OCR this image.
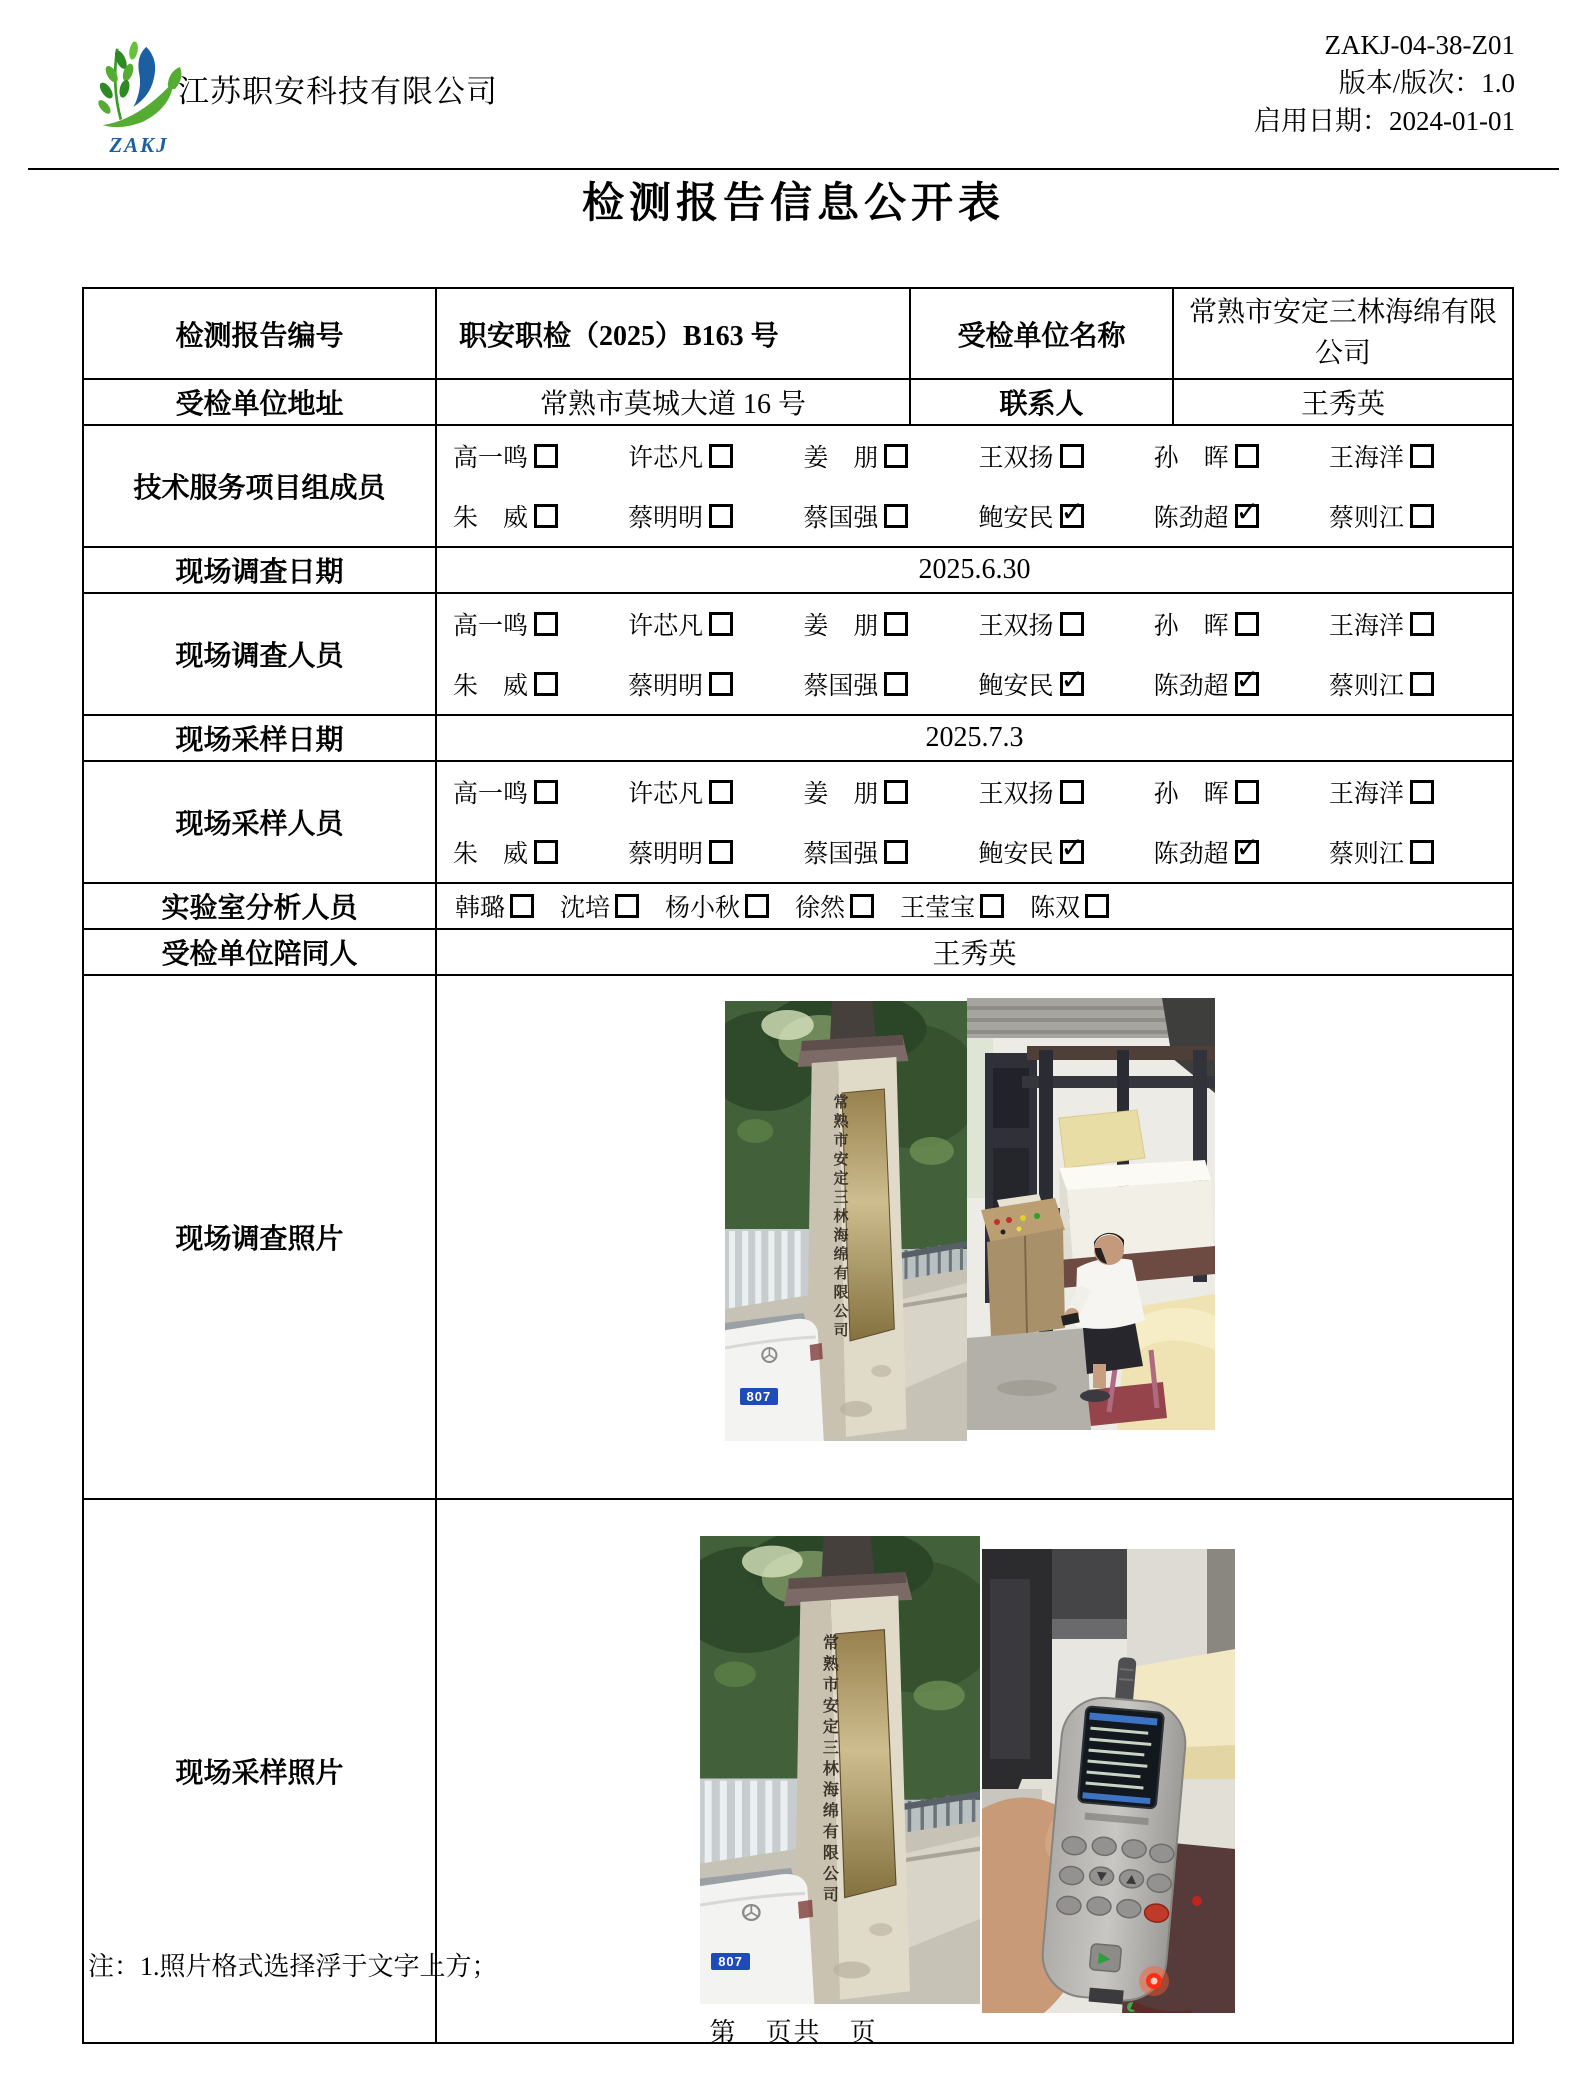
ZAKJ
江苏职安科技有限公司
ZAKJ-04-38-Z01
版本/版次：1.0
启用日期：2024-01-01
检测报告信息公开表
检测报告编号	职安职检（2025）B163 号	受检单位名称	常熟市安定三林海绵有限公司
受检单位地址	常熟市莫城大道 16 号	联系人	王秀英
技术服务项目组成员	
高一鸣	许芯凡	姜　朋	王双扬	孙　晖	王海洋
朱　威	蔡明明	蔡国强	鲍安民 ✓	陈劲超 ✓	蔡则江

现场调查日期	2025.6.30		
现场调查人员	
高一鸣	许芯凡	姜　朋	王双扬	孙　晖	王海洋
朱　威	蔡明明	蔡国强	鲍安民 ✓	陈劲超 ✓	蔡则江

现场采样日期	2025.7.3		
现场采样人员	
高一鸣	许芯凡	姜　朋	王双扬	孙　晖	王海洋
朱　威	蔡明明	蔡国强	鲍安民 ✓	陈劲超 ✓	蔡则江

实验室分析人员	韩璐	沈培	杨小秋	徐然	王莹宝	陈双

受检单位陪同人	王秀英		
现场调查照片	常熟市安定三林海绵有限公司
807		

现场采样照片	常熟市安定三林海绵有限公司
807		
注：1.照片格式选择浮于文字上方；
第　页共　页
